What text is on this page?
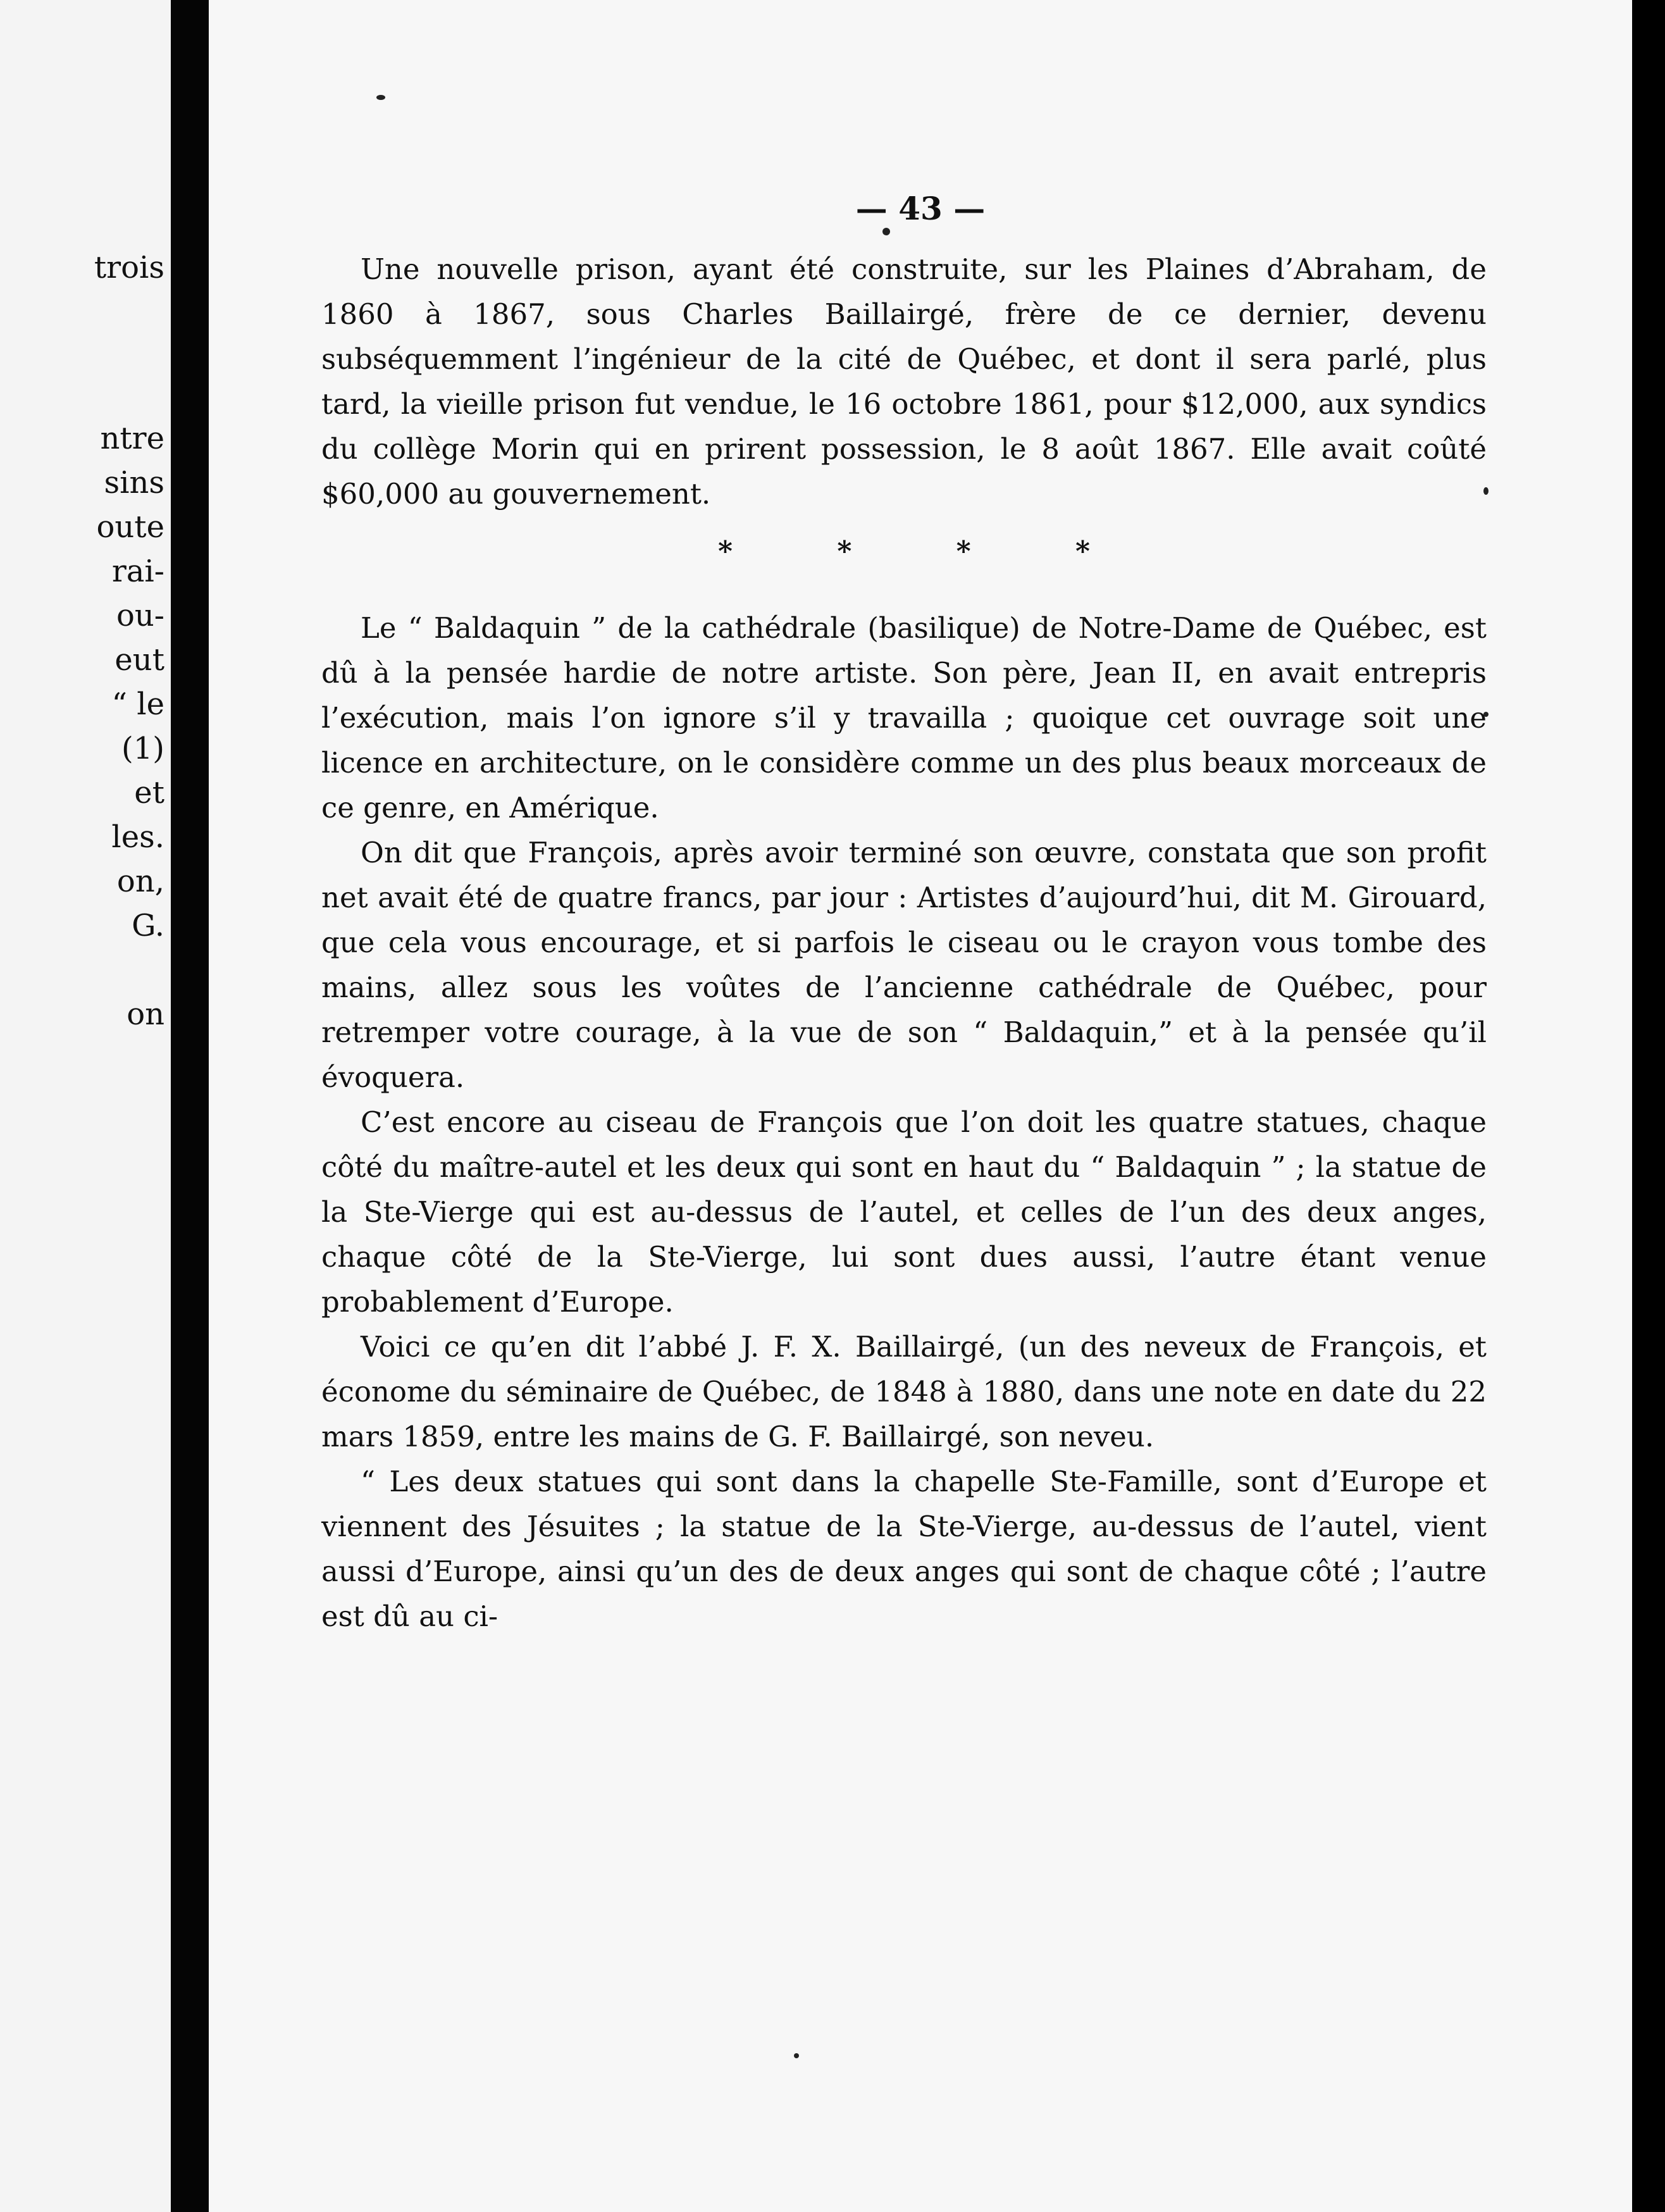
trois
ntre
sins
oute
rai-
ou-
eut
“ le
(1)
et
les.
on,
G.
on
— 43 —

Une nouvelle prison, ayant été construite, sur les Plaines d’Abraham, de 1860 à 1867, sous Charles Baillairgé, frère de ce dernier, devenu subséquemment l’ingénieur de la cité de Québec, et dont il sera parlé, plus tard, la vieille prison fut vendue, le 16 octobre 1861, pour $12,000, aux syndics du collège Morin qui en prirent possession, le 8 août 1867. Elle avait coûté $60,000 au gouvernement.

* * * *

Le “ Baldaquin ” de la cathédrale (basilique) de Notre-Dame de Québec, est dû à la pensée hardie de notre artiste. Son père, Jean II, en avait entrepris l’exécution, mais l’on ignore s’il y travailla ; quoique cet ouvrage soit une licence en architecture, on le considère comme un des plus beaux morceaux de ce genre, en Amérique.

On dit que François, après avoir terminé son œuvre, constata que son profit net avait été de quatre francs, par jour : Artistes d’aujourd’hui, dit M. Girouard, que cela vous encourage, et si parfois le ciseau ou le crayon vous tombe des mains, allez sous les voûtes de l’ancienne cathédrale de Québec, pour retremper votre courage, à la vue de son “ Baldaquin,” et à la pensée qu’il évoquera.

C’est encore au ciseau de François que l’on doit les quatre statues, chaque côté du maître-autel et les deux qui sont en haut du “ Baldaquin ” ; la statue de la Ste-Vierge qui est au-dessus de l’autel, et celles de l’un des deux anges, chaque côté de la Ste-Vierge, lui sont dues aussi, l’autre étant venue probablement d’Europe.

Voici ce qu’en dit l’abbé J. F. X. Baillairgé, (un des neveux de François, et économe du séminaire de Québec, de 1848 à 1880, dans une note en date du 22 mars 1859, entre les mains de G. F. Baillairgé, son neveu.

“ Les deux statues qui sont dans la chapelle Ste-Famille, sont d’Europe et viennent des Jésuites ; la statue de la Ste-Vierge, au-dessus de l’autel, vient aussi d’Europe, ainsi qu’un des de deux anges qui sont de chaque côté ; l’autre est dû au ci-
